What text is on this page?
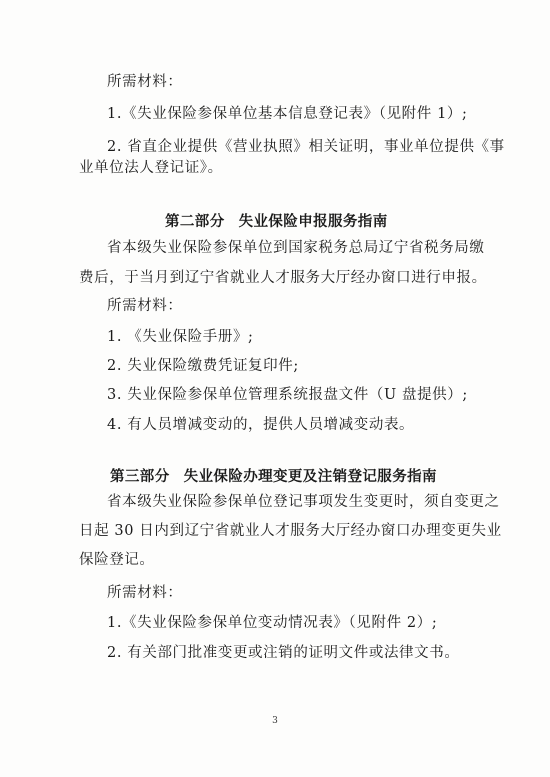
所需材料：
1.《失业保险参保单位基本信息登记表》（见附件 1）;
2. 省直企业提供《营业执照》相关证明，事业单位提供《事
业单位法人登记证》。
第二部分 失业保险申报服务指南
省本级失业保险参保单位到国家税务总局辽宁省税务局缴
费后，于当月到辽宁省就业人才服务大厅经办窗口进行申报。
所需材料：
1. 《失业保险手册》;
2. 失业保险缴费凭证复印件;
3. 失业保险参保单位管理系统报盘文件（U 盘提供）;
4. 有人员增减变动的，提供人员增减变动表。
第三部分 失业保险办理变更及注销登记服务指南
省本级失业保险参保单位登记事项发生变更时，须自变更之
日起 30 日内到辽宁省就业人才服务大厅经办窗口办理变更失业
保险登记。
所需材料：
1.《失业保险参保单位变动情况表》（见附件 2）;
2. 有关部门批准变更或注销的证明文件或法律文书。
3
